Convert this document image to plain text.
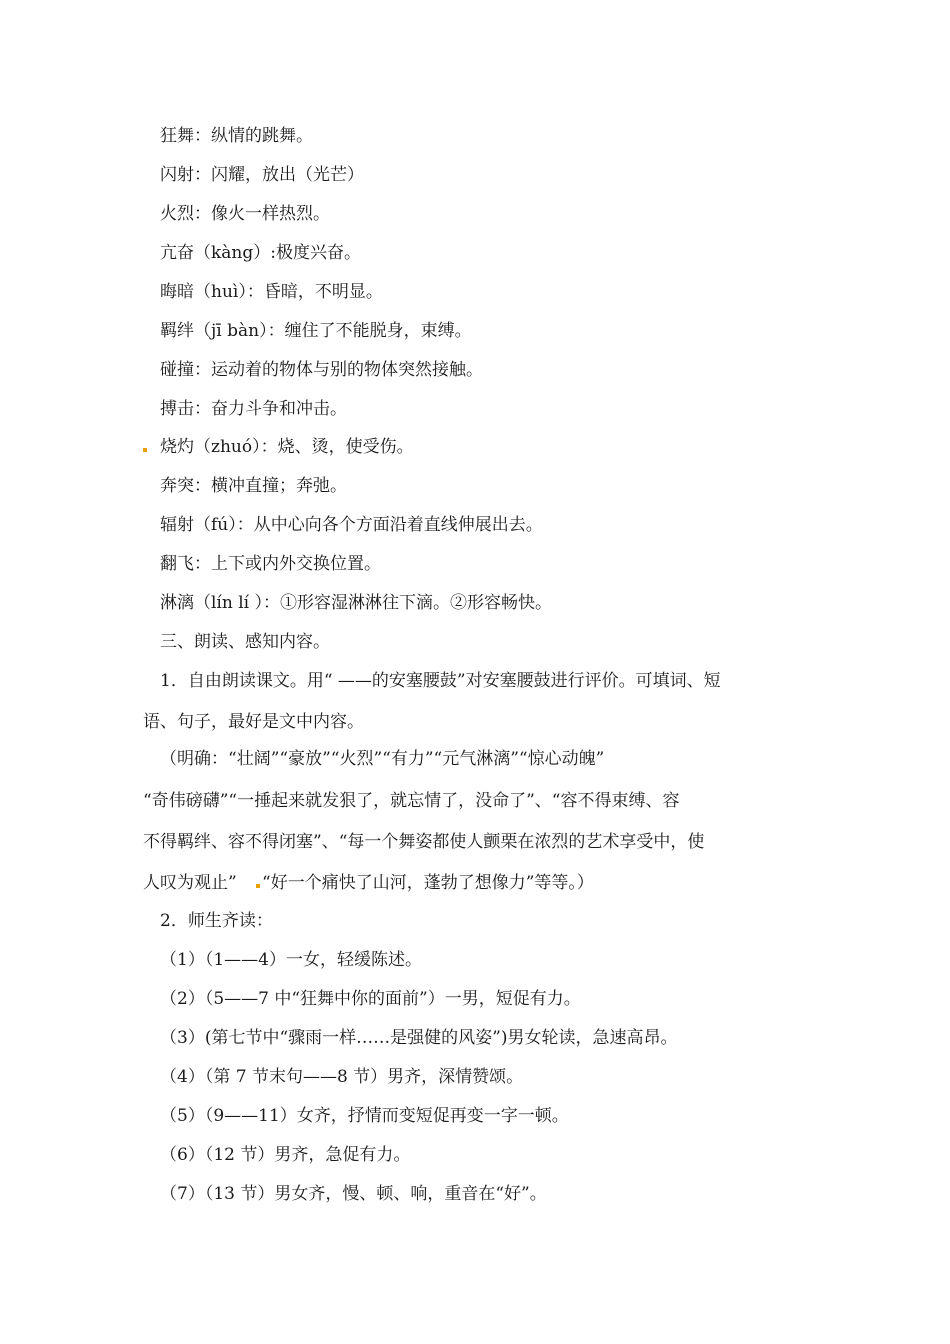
狂舞：纵情的跳舞。
闪射：闪耀，放出（光芒）
火烈：像火一样热烈。
亢奋（kàng）:极度兴奋。
晦暗（huì）：昏暗，不明显。
羁绊（jī bàn）：缠住了不能脱身，束缚。
碰撞：运动着的物体与别的物体突然接触。
搏击：奋力斗争和冲击。
烧灼（zhuó）：烧、烫，使受伤。
奔突：横冲直撞；奔弛。
辐射（fú）：从中心向各个方面沿着直线伸展出去。
翻飞：上下或内外交换位置。
淋漓（lín lí ）：①形容湿淋淋往下滴。②形容畅快。
三、朗读、感知内容。
1．自由朗读课文。用“ ——的安塞腰鼓”对安塞腰鼓进行评价。可填词、短
语、句子，最好是文中内容。
（明确：“壮阔”“豪放”“火烈”“有力”“元气淋漓”“惊心动魄”
“奇伟磅礴”“一捶起来就发狠了，就忘情了，没命了”、“容不得束缚、容
不得羁绊、容不得闭塞”、“每一个舞姿都使人颤栗在浓烈的艺术享受中，使
人叹为观止” “好一个痛快了山河，蓬勃了想像力”等等。）
2．师生齐读：
（1）（1——4）一女，轻缓陈述。
（2）（5——7 中“狂舞中你的面前”）一男，短促有力。
（3）(第七节中“骤雨一样……是强健的风姿”)男女轮读，急速高昂。
（4）（第 7 节末句——8 节）男齐，深情赞颂。
（5）（9——11）女齐，抒情而变短促再变一字一顿。
（6）（12 节）男齐，急促有力。
（7）（13 节）男女齐，慢、顿、响，重音在“好”。
